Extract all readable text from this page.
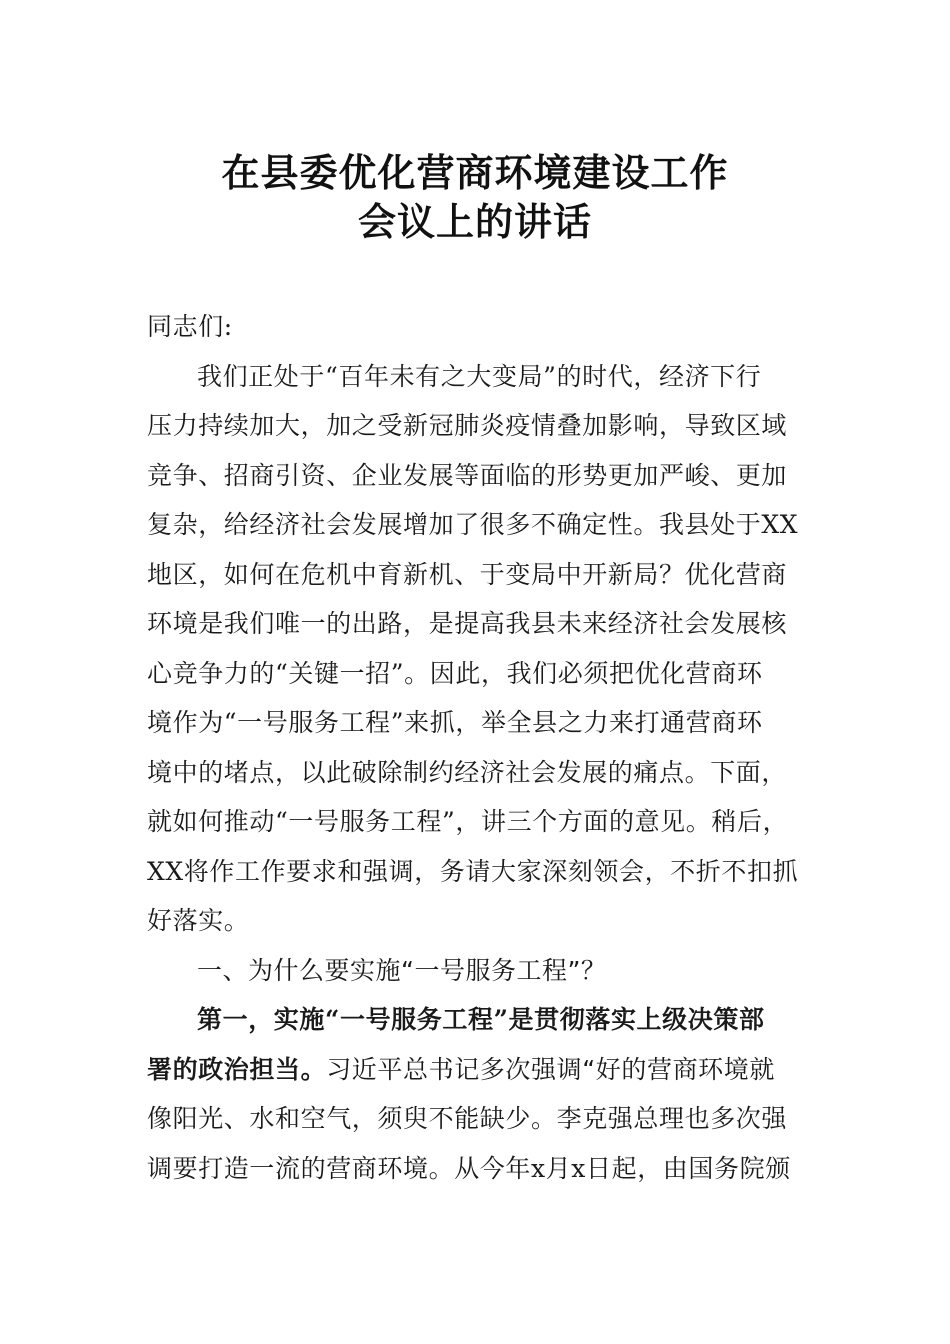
在县委优化营商环境建设工作
会议上的讲话
同志们:
我们正处于“百年未有之大变局”的时代，经济下行
压力持续加大，加之受新冠肺炎疫情叠加影响，导致区域
竞争、招商引资、企业发展等面临的形势更加严峻、更加
复杂，给经济社会发展增加了很多不确定性。我县处于XX
地区，如何在危机中育新机、于变局中开新局？优化营商
环境是我们唯一的出路，是提高我县未来经济社会发展核
心竞争力的“关键一招”。因此，我们必须把优化营商环
境作为“一号服务工程”来抓，举全县之力来打通营商环
境中的堵点，以此破除制约经济社会发展的痛点。下面，
就如何推动“一号服务工程”，讲三个方面的意见。稍后，
XX将作工作要求和强调，务请大家深刻领会，不折不扣抓
好落实。
一、为什么要实施“一号服务工程”？
第一，实施“一号服务工程”是贯彻落实上级决策部
署的政治担当。习近平总书记多次强调“好的营商环境就
像阳光、水和空气，须臾不能缺少。李克强总理也多次强
调要打造一流的营商环境。从今年x月x日起，由国务院颁
